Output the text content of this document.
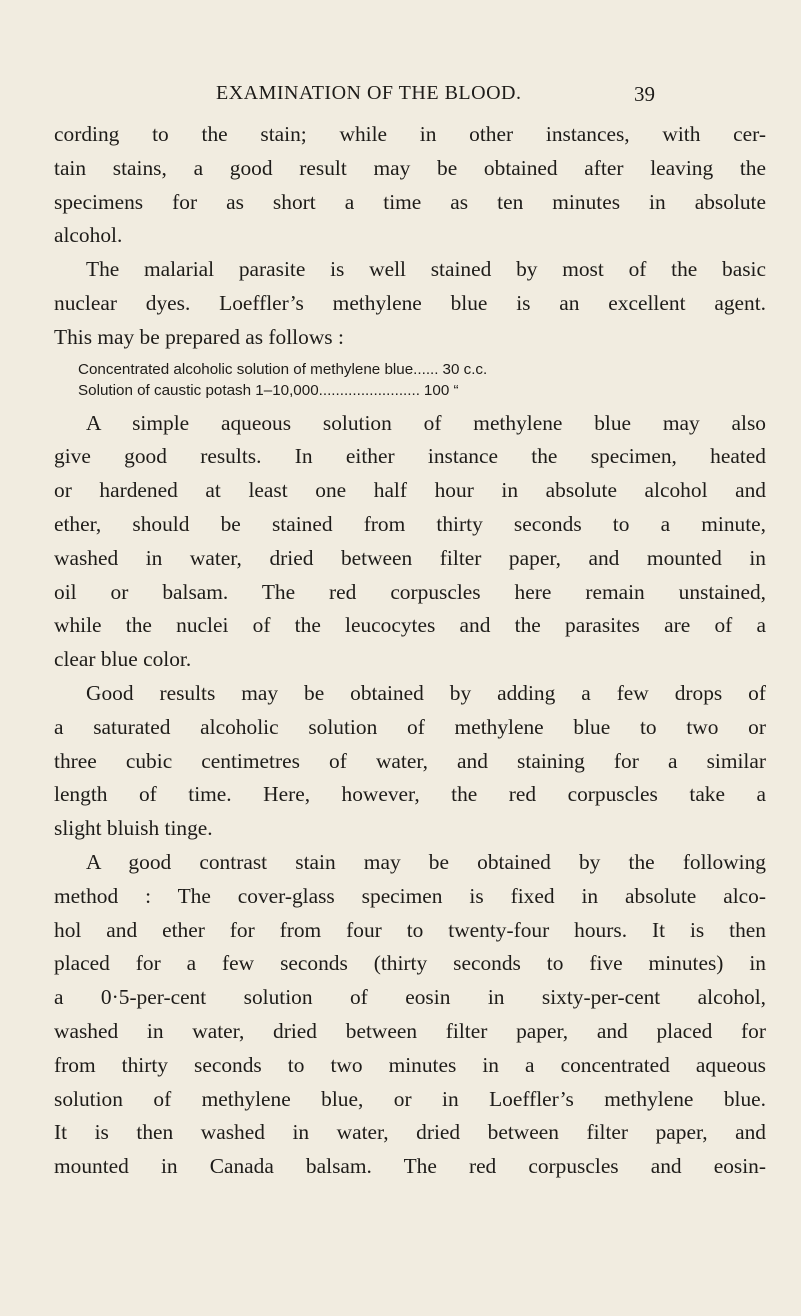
EXAMINATION OF THE BLOOD.	39
cording to the stain; while in other instances, with cer-
tain stains, a good result may be obtained after leaving the
specimens for as short a time as ten minutes in absolute
alcohol.
The malarial parasite is well stained by most of the basic
nuclear dyes. Loeffler’s methylene blue is an excellent agent.
This may be prepared as follows :
Concentrated alcoholic solution of methylene blue...... 30 c.c.
Solution of caustic potash 1–10,000........................ 100 “
A simple aqueous solution of methylene blue may also
give good results. In either instance the specimen, heated
or hardened at least one half hour in absolute alcohol and
ether, should be stained from thirty seconds to a minute,
washed in water, dried between filter paper, and mounted in
oil or balsam. The red corpuscles here remain unstained,
while the nuclei of the leucocytes and the parasites are of a
clear blue color.
Good results may be obtained by adding a few drops of
a saturated alcoholic solution of methylene blue to two or
three cubic centimetres of water, and staining for a similar
length of time. Here, however, the red corpuscles take a
slight bluish tinge.
A good contrast stain may be obtained by the following
method : The cover-glass specimen is fixed in absolute alco-
hol and ether for from four to twenty-four hours. It is then
placed for a few seconds (thirty seconds to five minutes) in
a 0·5-per-cent solution of eosin in sixty-per-cent alcohol,
washed in water, dried between filter paper, and placed for
from thirty seconds to two minutes in a concentrated aqueous
solution of methylene blue, or in Loeffler’s methylene blue.
It is then washed in water, dried between filter paper, and
mounted in Canada balsam. The red corpuscles and eosin-
